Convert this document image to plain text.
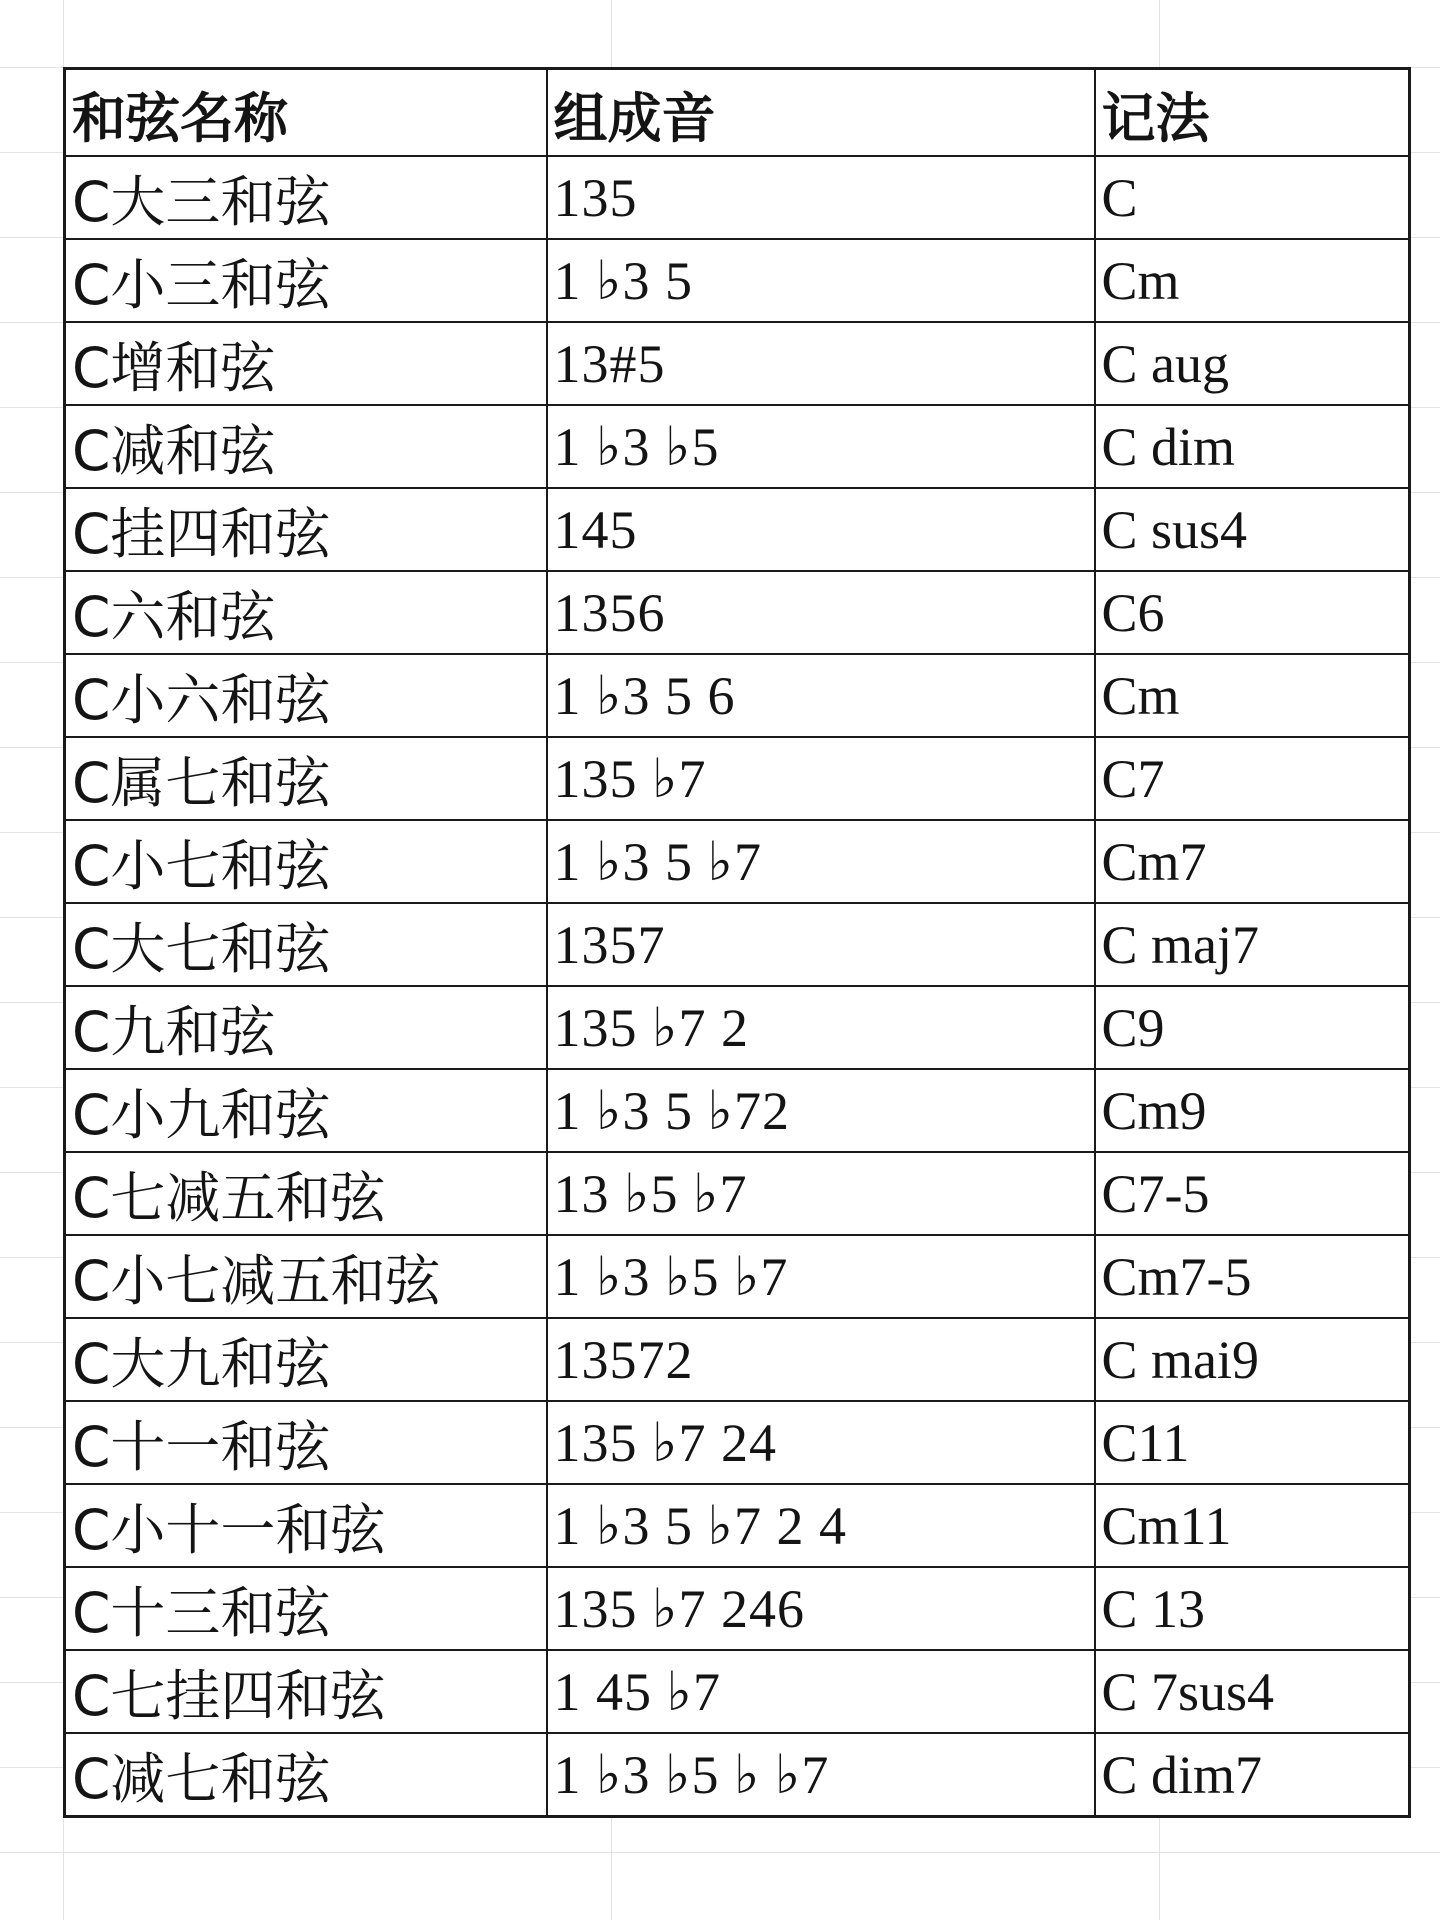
和弦名称	组成音	记法
C大三和弦	135	C
C小三和弦	1 ♭3 5	Cm
C增和弦	13#5	C aug
C减和弦	1 ♭3 ♭5	C dim
C挂四和弦	145	C sus4
C六和弦	1356	C6
C小六和弦	1 ♭3 5 6	Cm
C属七和弦	135 ♭7	C7
C小七和弦	1 ♭3 5 ♭7	Cm7
C大七和弦	1357	C maj7
C九和弦	135 ♭7 2	C9
C小九和弦	1 ♭3 5 ♭72	Cm9
C七减五和弦	13 ♭5 ♭7	C7-5
C小七减五和弦	1 ♭3 ♭5 ♭7	Cm7-5
C大九和弦	13572	C mai9
C十一和弦	135 ♭7 24	C11
C小十一和弦	1 ♭3 5 ♭7 2 4	Cm11
C十三和弦	135 ♭7 246	C 13
C七挂四和弦	1 45 ♭7	C 7sus4
C减七和弦	1 ♭3 ♭5 ♭ ♭7	C dim7
